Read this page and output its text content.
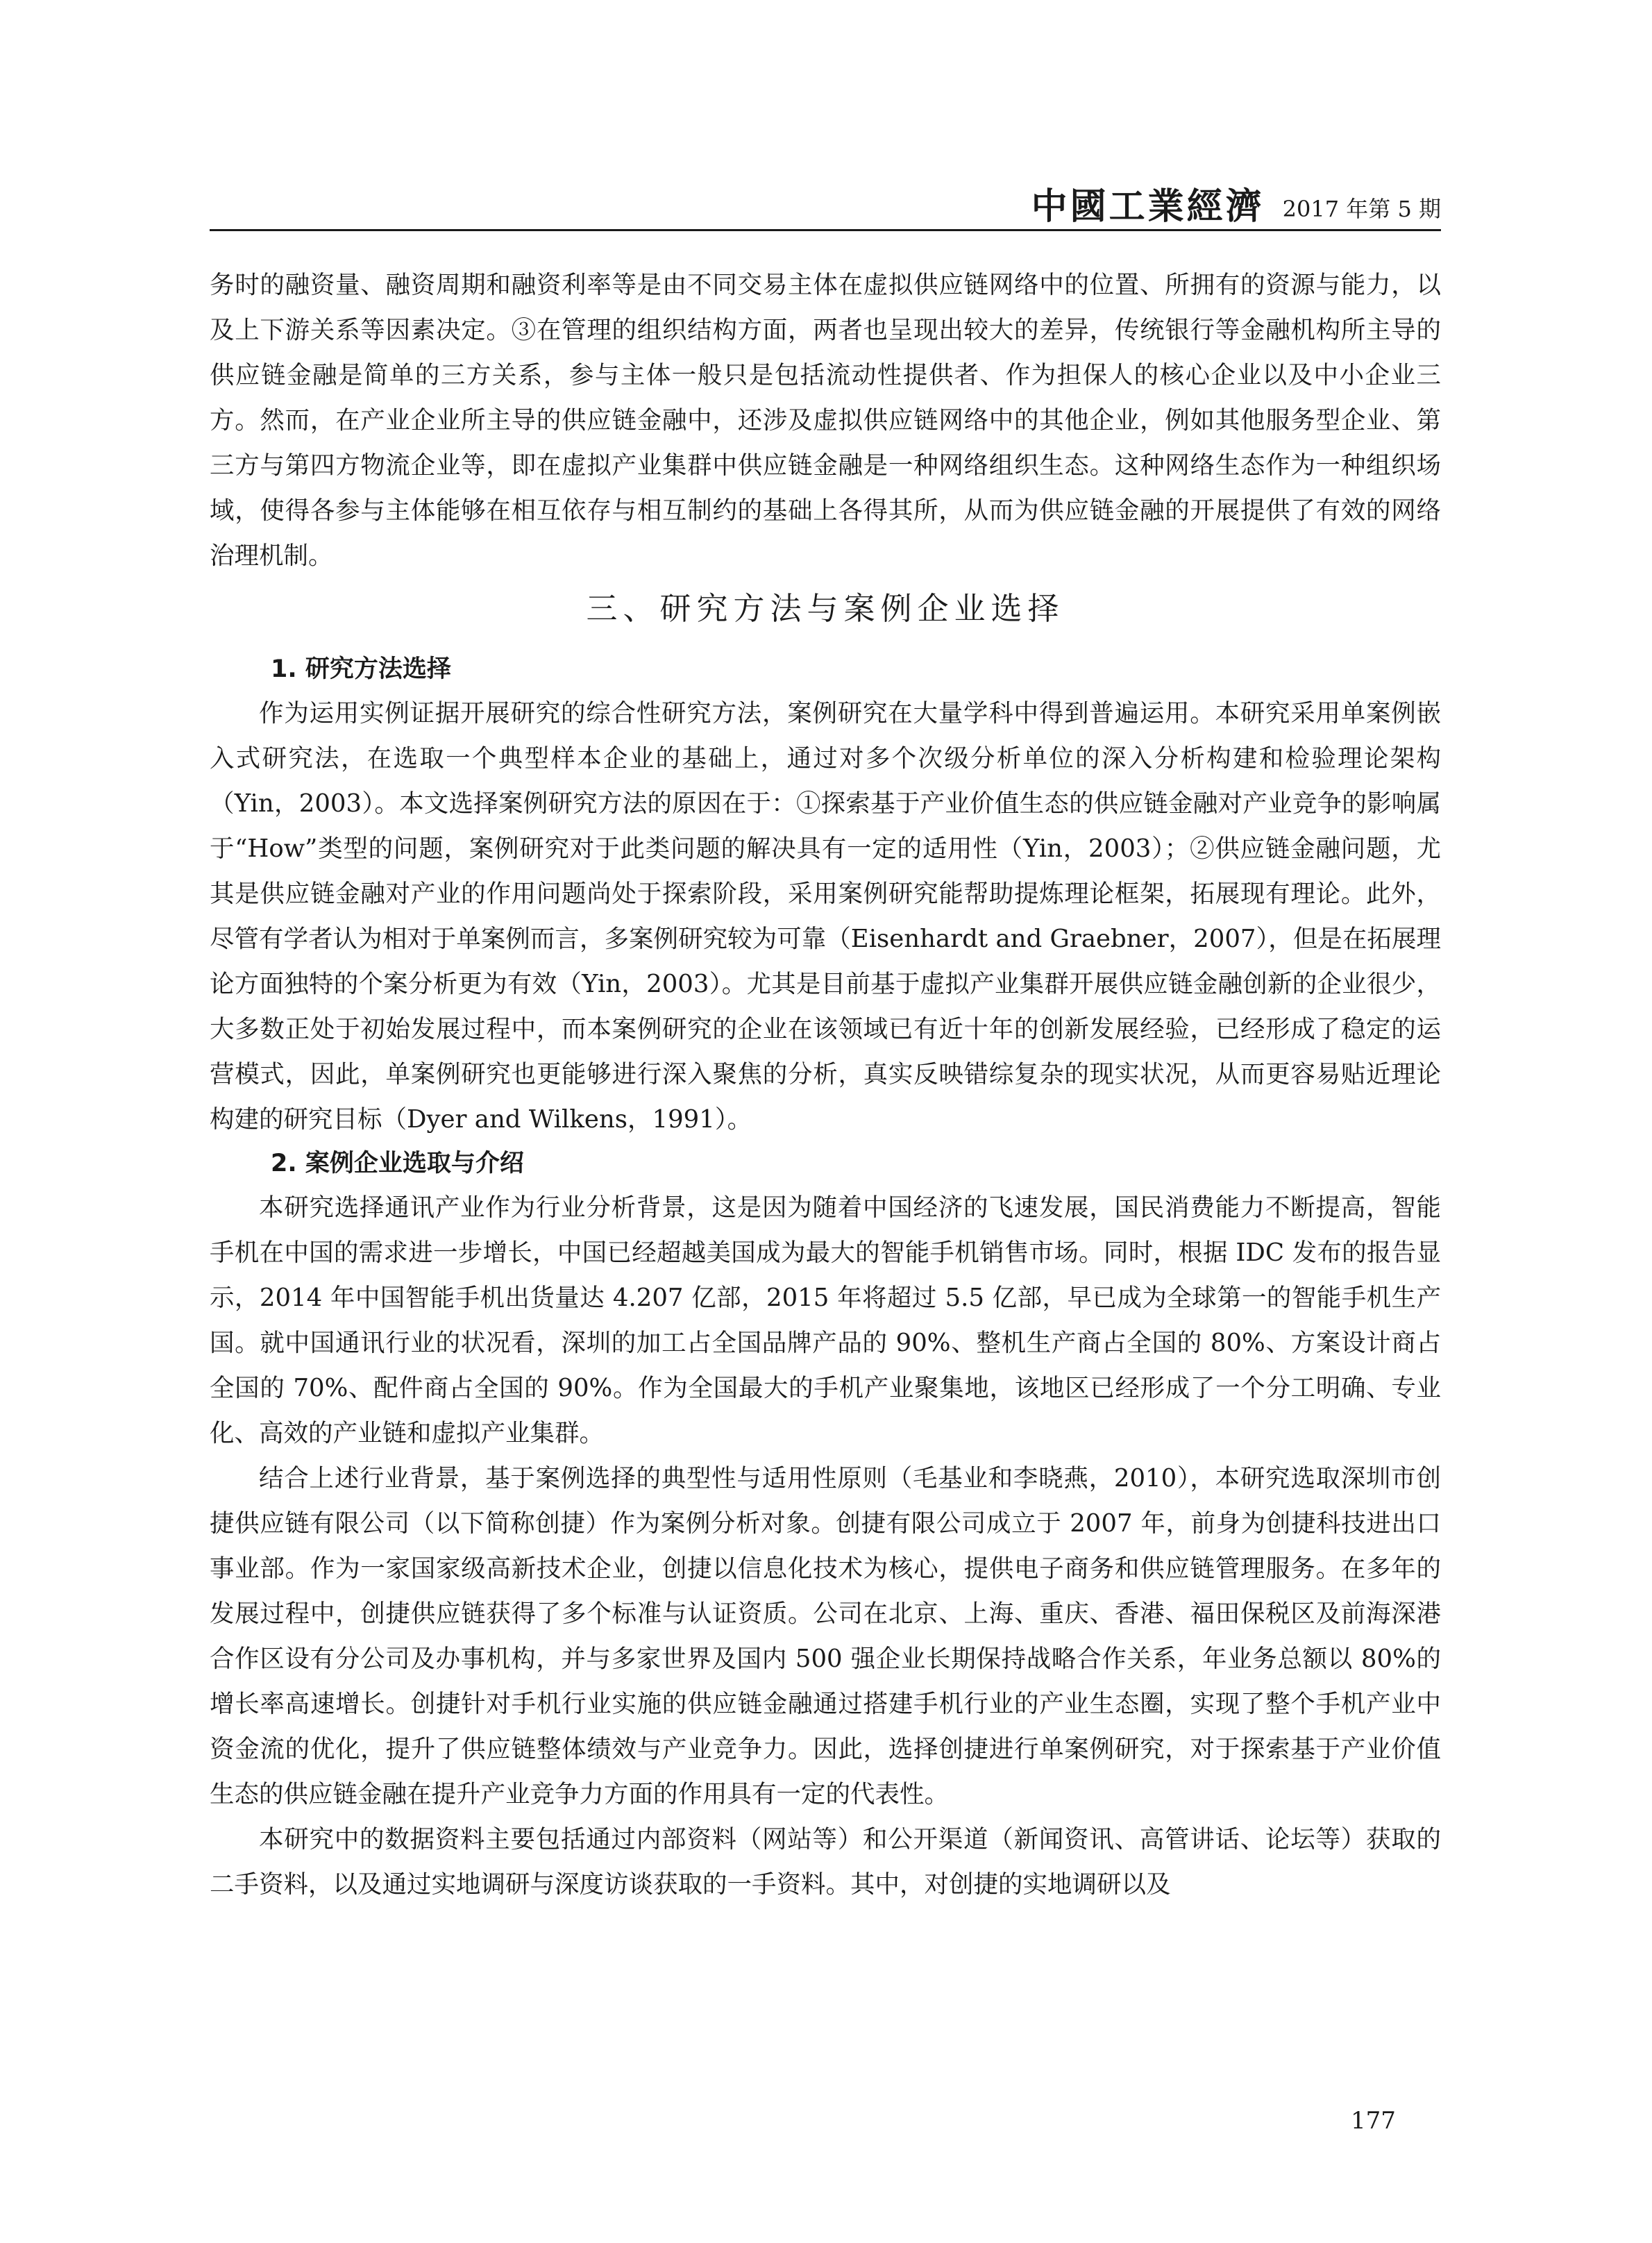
中國工業經濟 2017 年第 5 期

务时的融资量、融资周期和融资利率等是由不同交易主体在虚拟供应链网络中的位置、所拥有的资源与能力，以及上下游关系等因素决定。③在管理的组织结构方面，两者也呈现出较大的差异，传统银行等金融机构所主导的供应链金融是简单的三方关系，参与主体一般只是包括流动性提供者、作为担保人的核心企业以及中小企业三方。然而，在产业企业所主导的供应链金融中，还涉及虚拟供应链网络中的其他企业，例如其他服务型企业、第三方与第四方物流企业等，即在虚拟产业集群中供应链金融是一种网络组织生态。这种网络生态作为一种组织场域，使得各参与主体能够在相互依存与相互制约的基础上各得其所，从而为供应链金融的开展提供了有效的网络治理机制。

三、研究方法与案例企业选择

1. 研究方法选择

作为运用实例证据开展研究的综合性研究方法，案例研究在大量学科中得到普遍运用。本研究采用单案例嵌入式研究法，在选取一个典型样本企业的基础上，通过对多个次级分析单位的深入分析构建和检验理论架构（Yin，2003）。本文选择案例研究方法的原因在于：①探索基于产业价值生态的供应链金融对产业竞争的影响属于“How”类型的问题，案例研究对于此类问题的解决具有一定的适用性（Yin，2003）；②供应链金融问题，尤其是供应链金融对产业的作用问题尚处于探索阶段，采用案例研究能帮助提炼理论框架，拓展现有理论。此外，尽管有学者认为相对于单案例而言，多案例研究较为可靠（Eisenhardt and Graebner，2007），但是在拓展理论方面独特的个案分析更为有效（Yin，2003）。尤其是目前基于虚拟产业集群开展供应链金融创新的企业很少，大多数正处于初始发展过程中，而本案例研究的企业在该领域已有近十年的创新发展经验，已经形成了稳定的运营模式，因此，单案例研究也更能够进行深入聚焦的分析，真实反映错综复杂的现实状况，从而更容易贴近理论构建的研究目标（Dyer and Wilkens，1991）。

2. 案例企业选取与介绍

本研究选择通讯产业作为行业分析背景，这是因为随着中国经济的飞速发展，国民消费能力不断提高，智能手机在中国的需求进一步增长，中国已经超越美国成为最大的智能手机销售市场。同时，根据 IDC 发布的报告显示，2014 年中国智能手机出货量达 4.207 亿部，2015 年将超过 5.5 亿部，早已成为全球第一的智能手机生产国。就中国通讯行业的状况看，深圳的加工占全国品牌产品的 90%、整机生产商占全国的 80%、方案设计商占全国的 70%、配件商占全国的 90%。作为全国最大的手机产业聚集地，该地区已经形成了一个分工明确、专业化、高效的产业链和虚拟产业集群。

结合上述行业背景，基于案例选择的典型性与适用性原则（毛基业和李晓燕，2010），本研究选取深圳市创捷供应链有限公司（以下简称创捷）作为案例分析对象。创捷有限公司成立于 2007 年，前身为创捷科技进出口事业部。作为一家国家级高新技术企业，创捷以信息化技术为核心，提供电子商务和供应链管理服务。在多年的发展过程中，创捷供应链获得了多个标准与认证资质。公司在北京、上海、重庆、香港、福田保税区及前海深港合作区设有分公司及办事机构，并与多家世界及国内 500 强企业长期保持战略合作关系，年业务总额以 80%的增长率高速增长。创捷针对手机行业实施的供应链金融通过搭建手机行业的产业生态圈，实现了整个手机产业中资金流的优化，提升了供应链整体绩效与产业竞争力。因此，选择创捷进行单案例研究，对于探索基于产业价值生态的供应链金融在提升产业竞争力方面的作用具有一定的代表性。

本研究中的数据资料主要包括通过内部资料（网站等）和公开渠道（新闻资讯、高管讲话、论坛等）获取的二手资料，以及通过实地调研与深度访谈获取的一手资料。其中，对创捷的实地调研以及

177
